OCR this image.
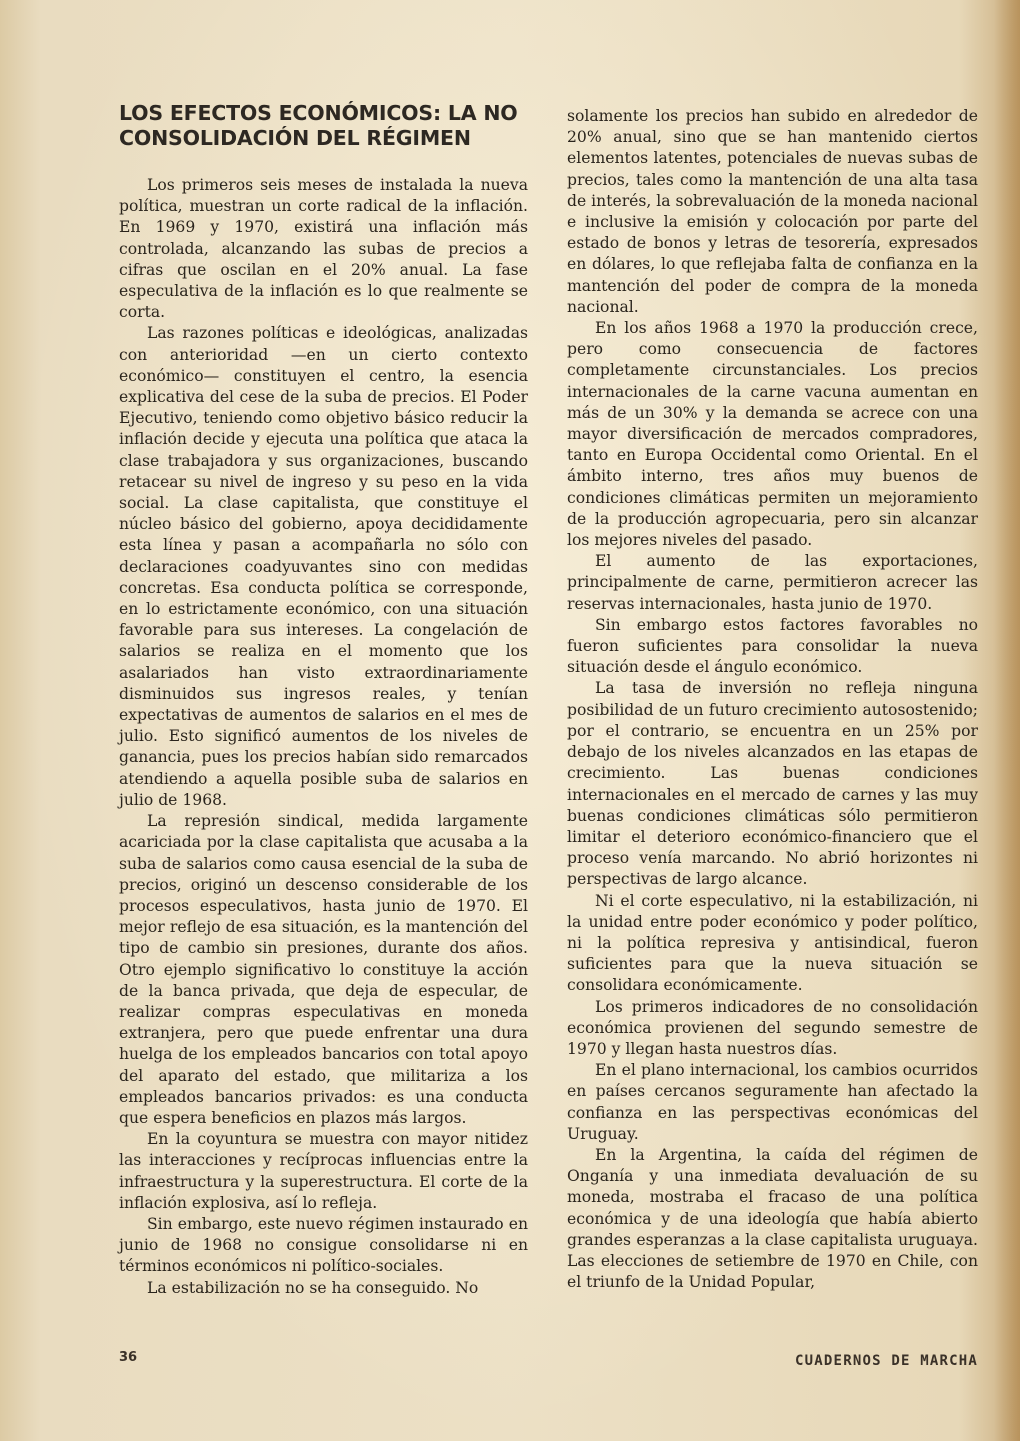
LOS EFECTOS ECONÓMICOS: LA NO
CONSOLIDACIÓN DEL RÉGIMEN

Los primeros seis meses de instalada la nueva política, muestran un corte radical de la inflación. En 1969 y 1970, existirá una inflación más controlada, alcanzando las subas de precios a cifras que oscilan en el 20% anual. La fase especulativa de la inflación es lo que realmente se corta.

Las razones políticas e ideológicas, analizadas con anterioridad —en un cierto contexto económico— constituyen el centro, la esencia explicativa del cese de la suba de precios. El Poder Ejecutivo, teniendo como objetivo básico reducir la inflación decide y ejecuta una política que ataca la clase trabajadora y sus organizaciones, buscando retacear su nivel de ingreso y su peso en la vida social. La clase capitalista, que constituye el núcleo básico del gobierno, apoya decididamente esta línea y pasan a acompañarla no sólo con declaraciones coadyuvantes sino con medidas concretas. Esa conducta política se corresponde, en lo estrictamente económico, con una situación favorable para sus intereses. La congelación de salarios se realiza en el momento que los asalariados han visto extraordinariamente disminuidos sus ingresos reales, y tenían expectativas de aumentos de salarios en el mes de julio. Esto significó aumentos de los niveles de ganancia, pues los precios habían sido remarcados atendiendo a aquella posible suba de salarios en julio de 1968.

La represión sindical, medida largamente acariciada por la clase capitalista que acusaba a la suba de salarios como causa esencial de la suba de precios, originó un descenso considerable de los procesos especulativos, hasta junio de 1970. El mejor reflejo de esa situación, es la mantención del tipo de cambio sin presiones, durante dos años. Otro ejemplo significativo lo constituye la acción de la banca privada, que deja de especular, de realizar compras especulativas en moneda extranjera, pero que puede enfrentar una dura huelga de los empleados bancarios con total apoyo del aparato del estado, que militariza a los empleados bancarios privados: es una conducta que espera beneficios en plazos más largos.

En la coyuntura se muestra con mayor nitidez las interacciones y recíprocas influencias entre la infraestructura y la superestructura. El corte de la inflación explosiva, así lo refleja.

Sin embargo, este nuevo régimen instaurado en junio de 1968 no consigue consolidarse ni en términos económicos ni político-sociales.

La estabilización no se ha conseguido. No

solamente los precios han subido en alrededor de 20% anual, sino que se han mantenido ciertos elementos latentes, potenciales de nuevas subas de precios, tales como la mantención de una alta tasa de interés, la sobrevaluación de la moneda nacional e inclusive la emisión y colocación por parte del estado de bonos y letras de tesorería, expresados en dólares, lo que reflejaba falta de confianza en la mantención del poder de compra de la moneda nacional.

En los años 1968 a 1970 la producción crece, pero como consecuencia de factores completamente circunstanciales. Los precios internacionales de la carne vacuna aumentan en más de un 30% y la demanda se acrece con una mayor diversificación de mercados compradores, tanto en Europa Occidental como Oriental. En el ámbito interno, tres años muy buenos de condiciones climáticas permiten un mejoramiento de la producción agropecuaria, pero sin alcanzar los mejores niveles del pasado.

El aumento de las exportaciones, principalmente de carne, permitieron acrecer las reservas internacionales, hasta junio de 1970.

Sin embargo estos factores favorables no fueron suficientes para consolidar la nueva situación desde el ángulo económico.

La tasa de inversión no refleja ninguna posibilidad de un futuro crecimiento autosostenido; por el contrario, se encuentra en un 25% por debajo de los niveles alcanzados en las etapas de crecimiento. Las buenas condiciones internacionales en el mercado de carnes y las muy buenas condiciones climáticas sólo permitieron limitar el deterioro económico-financiero que el proceso venía marcando. No abrió horizontes ni perspectivas de largo alcance.

Ni el corte especulativo, ni la estabilización, ni la unidad entre poder económico y poder político, ni la política represiva y antisindical, fueron suficientes para que la nueva situación se consolidara económicamente.

Los primeros indicadores de no consolidación económica provienen del segundo semestre de 1970 y llegan hasta nuestros días.

En el plano internacional, los cambios ocurridos en países cercanos seguramente han afectado la confianza en las perspectivas económicas del Uruguay.

En la Argentina, la caída del régimen de Onganía y una inmediata devaluación de su moneda, mostraba el fracaso de una política económica y de una ideología que había abierto grandes esperanzas a la clase capitalista uruguaya. Las elecciones de setiembre de 1970 en Chile, con el triunfo de la Unidad Popular,

36	CUADERNOS DE MARCHA
